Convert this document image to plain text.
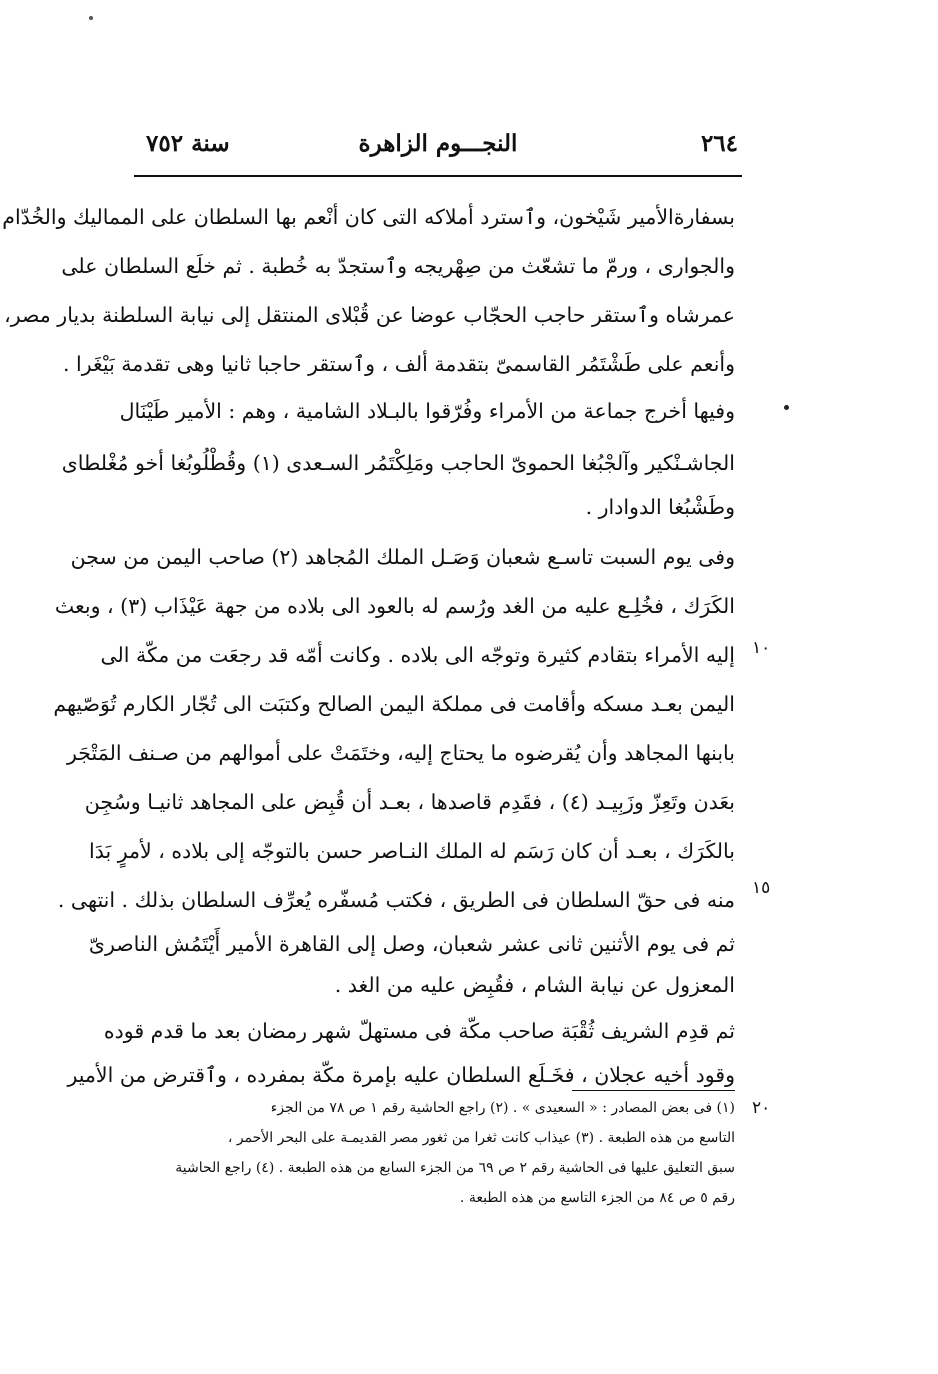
٢٦٤
النجـــوم الزاهرة
سنة ٧٥٢
بسفارةالأمير شَيْخون، وٱسترد أملاكه التى كان أنْعم بها السلطان على المماليك والخُدّام
والجوارى ، ورمّ ما تشعّث من صِهْريجه وٱستجدّ به خُطبة . ثم خلَع السلطان على
عمرشاه وٱستقر حاجب الحجّاب عوضا عن قُبْلاى المنتقل إلى نيابة السلطنة بديار مصر،
وأنعم على طَشْتَمُر القاسمىّ بتقدمة ألف ، وٱستقر حاجبا ثانيا وهى تقدمة بَيْغَرا .
وفيها أخرج جماعة من الأمراء وفُرّقوا بالبـلاد الشامية ، وهم : الأمير طَيْنَال
الجاشـنْكير وآلجْبُغا الحموىّ الحاجب ومَلِكْتَمُر السـعدى (١) وقُطْلُوبُغا أخو مُغْلطاى
وطَشْبُغا الدوادار .
وفى يوم السبت تاسـع شعبان وَصَـل الملك المُجاهد (٢) صاحب اليمن من سجن
الكَرَك ، فخُلِـع عليه من الغد ورُسم له بالعود الى بلاده من جهة عَيْذَاب (٣) ، وبعث
إليه الأمراء بتقادم كثيرة وتوجّه الى بلاده . وكانت أمّه قد رجعَت من مكّة الى
اليمن بعـد مسكه وأقامت فى مملكة اليمن الصالح وكتبَت الى تُجّار الكارم تُوَصّيهم
بابنها المجاهد وأن يُقرضوه ما يحتاج إليه، وختَمَتْ على أموالهم من صـنف المَتْجَر
بعَدن وتَعِزّ وزَبِيـد (٤) ، فقَدِم قاصدها ، بعـد أن قُبِض على المجاهد ثانيـا وسُجِن
بالكَرَك ، بعـد أن كان رَسَم له الملك النـاصر حسن بالتوجّه إلى بلاده ، لأمرٍ بَدَا
منه فى حقّ السلطان فى الطريق ، فكتب مُسفّره يُعرِّف السلطان بذلك . انتهى .
ثم فى يوم الأثنين ثانى عشر شعبان، وصل إلى القاهرة الأمير أَيْتَمُش الناصرىّ
المعزول عن نيابة الشام ، فقُبِض عليه من الغد .
ثم قدِم الشريف ثُقْبَة صاحب مكّة فى مستهلّ شهر رمضان بعد ما قدم قوده
وقود أخيه عجلان ، فخَـلَع السلطان عليه بإمرة مكّة بمفرده ، وٱقترض من الأمير
١٠
١٥
٢٠
(١) فى بعض المصادر : « السعيدى » . (٢) راجع الحاشية رقم ١ ص ٧٨ من الجزء
التاسع من هذه الطبعة . (٣) عيذاب كانت ثغرا من ثغور مصر القديمـة على البحر الأحمر ،
سبق التعليق عليها فى الحاشية رقم ٢ ص ٦٩ من الجزء السابع من هذه الطبعة . (٤) راجع الحاشية
رقم ٥ ص ٨٤ من الجزء التاسع من هذه الطبعة .
